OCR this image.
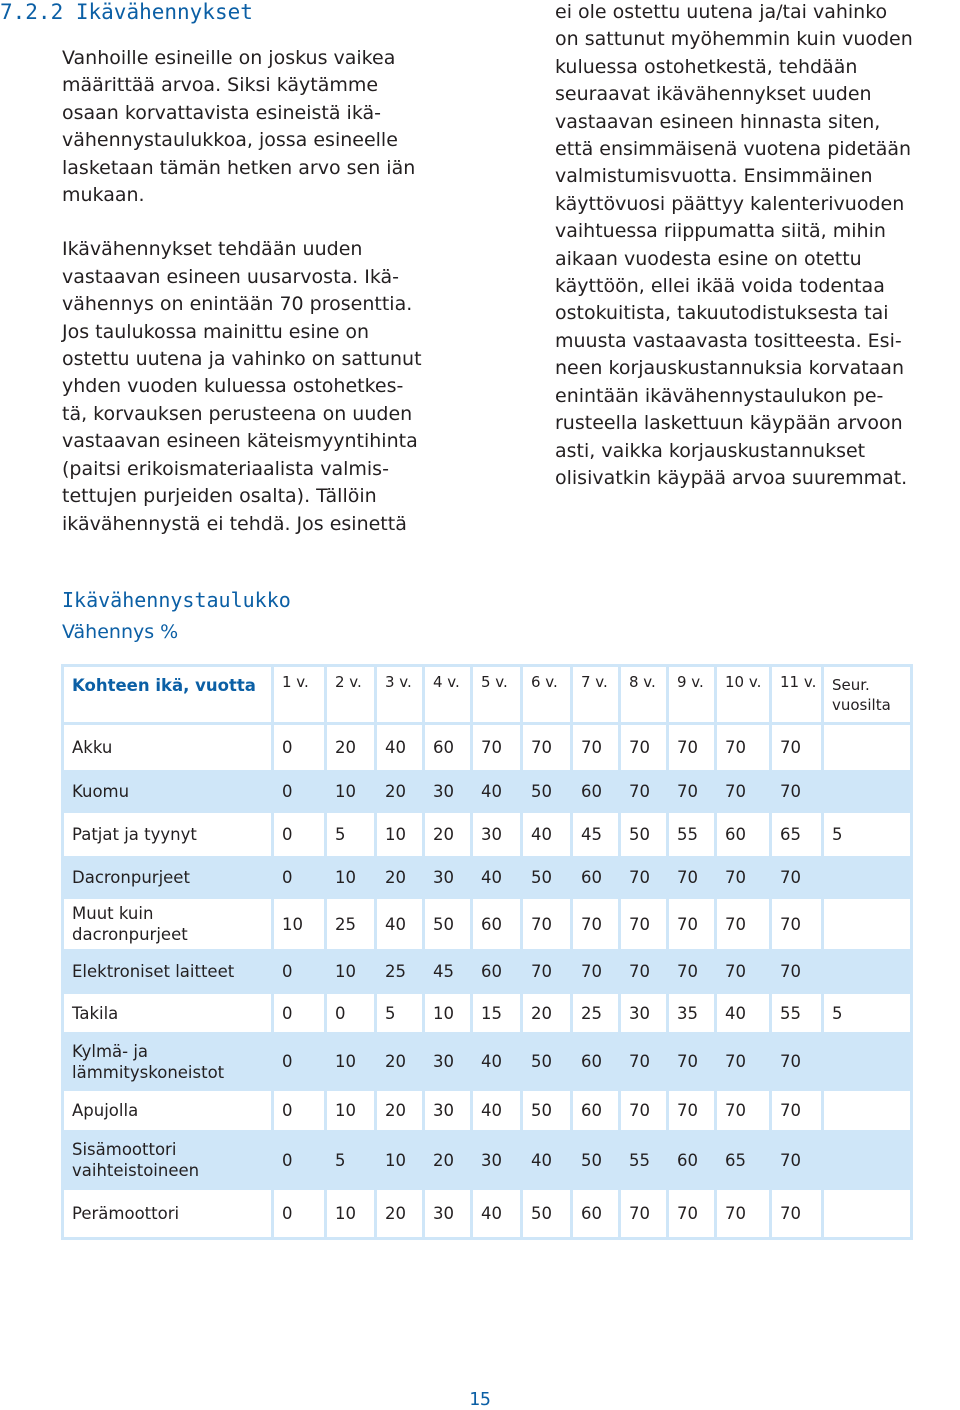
7.2.2 Ikävähennykset

Vanhoille esineille on joskus vaikea
määrittää arvoa. Siksi käytämme
osaan korvattavista esineistä ikä-
vähennystaulukkoa, jossa esineelle
lasketaan tämän hetken arvo sen iän
mukaan.

Ikävähennykset tehdään uuden
vastaavan esineen uusarvosta. Ikä-
vähennys on enintään 70 prosenttia.
Jos taulukossa mainittu esine on
ostettu uutena ja vahinko on sattunut
yhden vuoden kuluessa ostohetkes-
tä, korvauksen perusteena on uuden
vastaavan esineen käteismyyntihinta
(paitsi erikoismateriaalista valmis-
tettujen purjeiden osalta). Tällöin
ikävähennystä ei tehdä. Jos esinettä

ei ole ostettu uutena ja/tai vahinko
on sattunut myöhemmin kuin vuoden
kuluessa ostohetkestä, tehdään
seuraavat ikävähennykset uuden
vastaavan esineen hinnasta siten,
että ensimmäisenä vuotena pidetään
valmistumisvuotta. Ensimmäinen
käyttövuosi päättyy kalenterivuoden
vaihtuessa riippumatta siitä, mihin
aikaan vuodesta esine on otettu
käyttöön, ellei ikää voida todentaa
ostokuitista, takuutodistuksesta tai
muusta vastaavasta tositteesta. Esi-
neen korjauskustannuksia korvataan
enintään ikävähennystaulukon pe-
rusteella laskettuun käypään arvoon
asti, vaikka korjauskustannukset
olisivatkin käypää arvoa suuremmat.

Ikävähennystaulukko
Vähennys %
Kohteen ikä, vuotta	1 v.	2 v.	3 v.	4 v.	5 v.	6 v.	7 v.	8 v.	9 v.	10 v.	11 v.	Seur.
vuosilta
Akku	0	20	40	60	70	70	70	70	70	70	70	
Kuomu	0	10	20	30	40	50	60	70	70	70	70	
Patjat ja tyynyt	0	5	10	20	30	40	45	50	55	60	65	5
Dacronpurjeet	0	10	20	30	40	50	60	70	70	70	70	
Muut kuin dacronpurjeet	10	25	40	50	60	70	70	70	70	70	70	
Elektroniset laitteet	0	10	25	45	60	70	70	70	70	70	70	
Takila	0	0	5	10	15	20	25	30	35	40	55	5
Kylmä- ja lämmityskoneistot	0	10	20	30	40	50	60	70	70	70	70	
Apujolla	0	10	20	30	40	50	60	70	70	70	70	
Sisämoottori vaihteistoineen	0	5	10	20	30	40	50	55	60	65	70	
Perämoottori	0	10	20	30	40	50	60	70	70	70	70	
15
